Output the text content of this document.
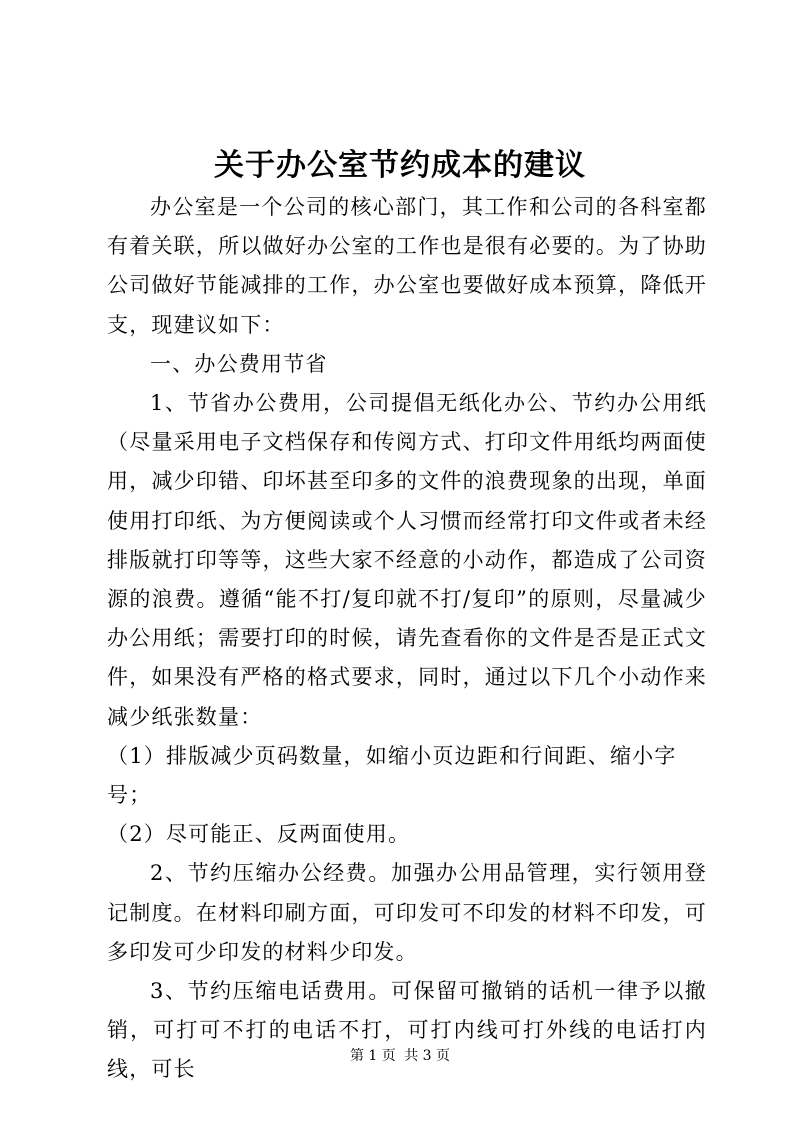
关于办公室节约成本的建议

办公室是一个公司的核心部门，其工作和公司的各科室都有着关联，所以做好办公室的工作也是很有必要的。为了协助公司做好节能减排的工作，办公室也要做好成本预算，降低开支，现建议如下：

一、办公费用节省

1、节省办公费用，公司提倡无纸化办公、节约办公用纸（尽量采用电子文档保存和传阅方式、打印文件用纸均两面使用，减少印错、印坏甚至印多的文件的浪费现象的出现，单面使用打印纸、为方便阅读或个人习惯而经常打印文件或者未经排版就打印等等，这些大家不经意的小动作，都造成了公司资源的浪费。遵循“能不打/复印就不打/复印”的原则，尽量减少办公用纸；需要打印的时候，请先查看你的文件是否是正式文件，如果没有严格的格式要求，同时，通过以下几个小动作来减少纸张数量：

（1）排版减少页码数量，如缩小页边距和行间距、缩小字号；

（2）尽可能正、反两面使用。

2、节约压缩办公经费。加强办公用品管理，实行领用登记制度。在材料印刷方面，可印发可不印发的材料不印发，可多印发可少印发的材料少印发。

3、节约压缩电话费用。可保留可撤销的话机一律予以撤销，可打可不打的电话不打，可打内线可打外线的电话打内线，可长

第 1 页 共 3 页
